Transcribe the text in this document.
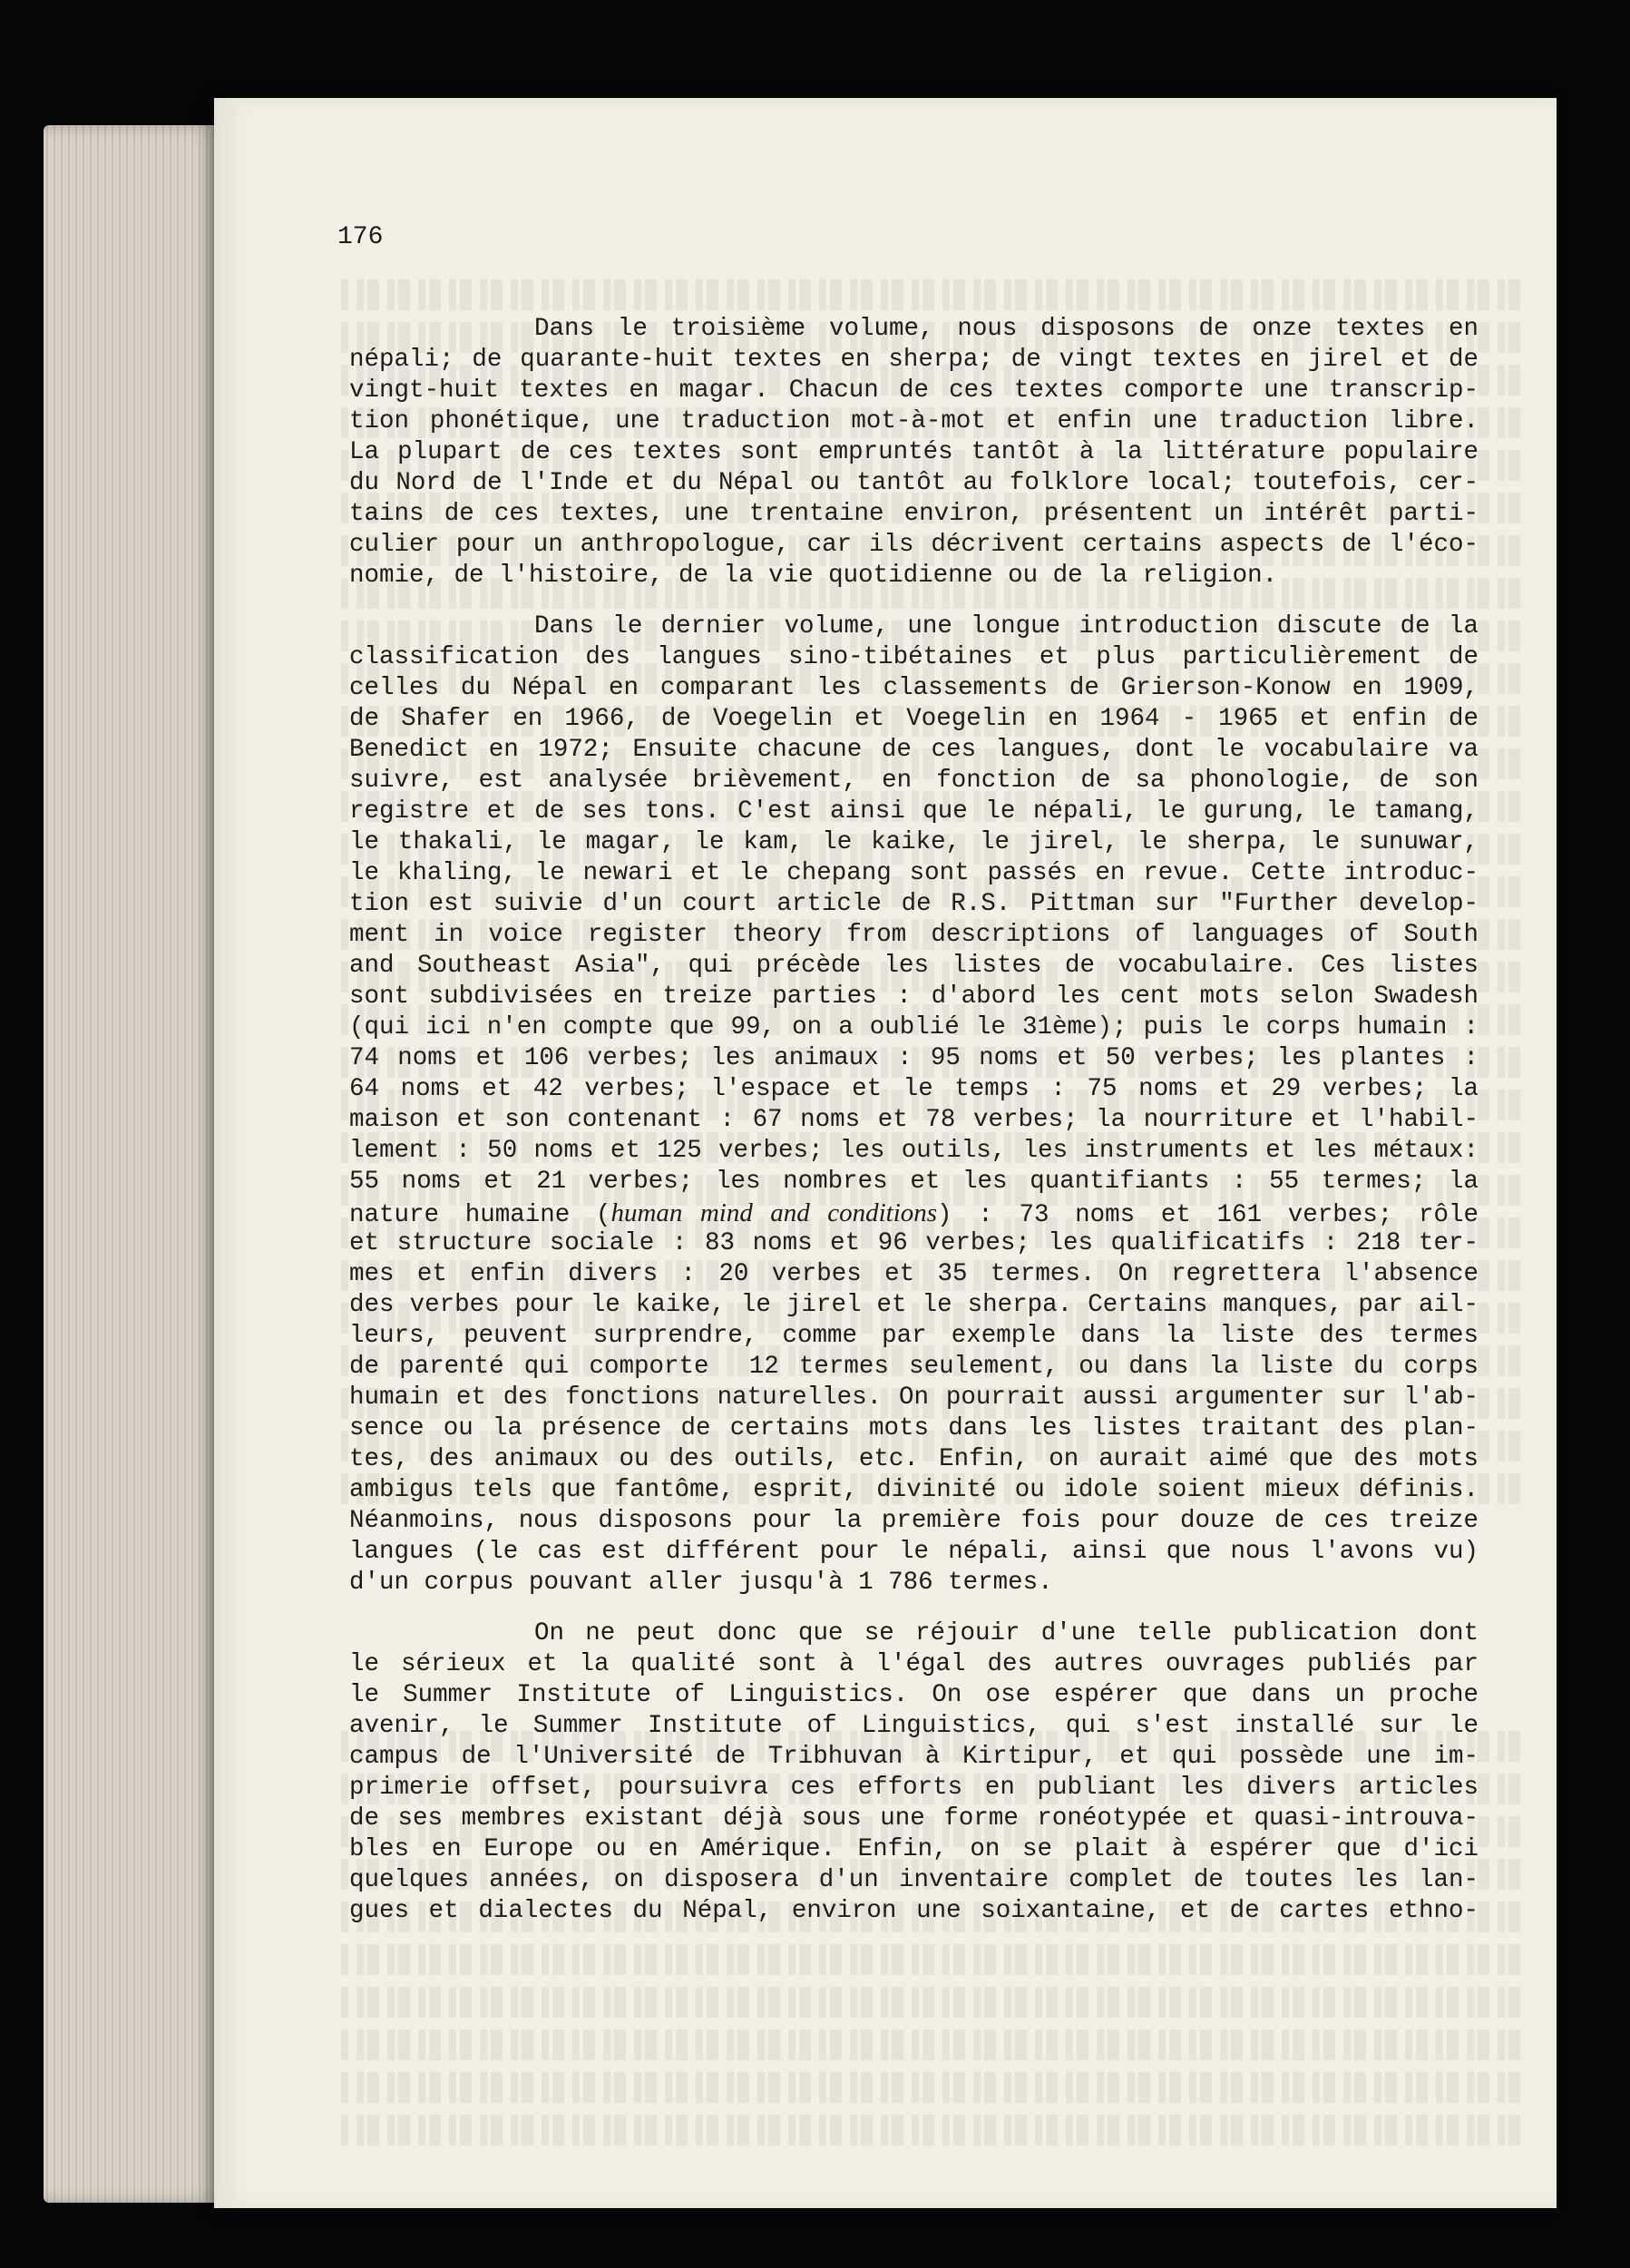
176
Dans le troisième volume, nous disposons de onze textes en
népali; de quarante-huit textes en sherpa; de vingt textes en jirel et de
vingt-huit textes en magar. Chacun de ces textes comporte une transcrip-
tion phonétique, une traduction mot-à-mot et enfin une traduction libre.
La plupart de ces textes sont empruntés tantôt à la littérature populaire
du Nord de l'Inde et du Népal ou tantôt au folklore local; toutefois, cer-
tains de ces textes, une trentaine environ, présentent un intérêt parti-
culier pour un anthropologue, car ils décrivent certains aspects de l'éco-
nomie, de l'histoire, de la vie quotidienne ou de la religion.
Dans le dernier volume, une longue introduction discute de la
classification des langues sino-tibétaines et plus particulièrement de
celles du Népal en comparant les classements de Grierson-Konow en 1909,
de Shafer en 1966, de Voegelin et Voegelin en 1964 - 1965 et enfin de
Benedict en 1972; Ensuite chacune de ces langues, dont le vocabulaire va
suivre, est analysée brièvement, en fonction de sa phonologie, de son
registre et de ses tons. C'est ainsi que le népali, le gurung, le tamang,
le thakali, le magar, le kam, le kaike, le jirel, le sherpa, le sunuwar,
le khaling, le newari et le chepang sont passés en revue. Cette introduc-
tion est suivie d'un court article de R.S. Pittman sur "Further develop-
ment in voice register theory from descriptions of languages of South
and Southeast Asia", qui précède les listes de vocabulaire. Ces listes
sont subdivisées en treize parties : d'abord les cent mots selon Swadesh
(qui ici n'en compte que 99, on a oublié le 31ème); puis le corps humain :
74 noms et 106 verbes; les animaux : 95 noms et 50 verbes; les plantes :
64 noms et 42 verbes; l'espace et le temps : 75 noms et 29 verbes; la
maison et son contenant : 67 noms et 78 verbes; la nourriture et l'habil-
lement : 50 noms et 125 verbes; les outils, les instruments et les métaux:
55 noms et 21 verbes; les nombres et les quantifiants : 55 termes; la
nature humaine (human mind and conditions) : 73 noms et 161 verbes; rôle
et structure sociale : 83 noms et 96 verbes; les qualificatifs : 218 ter-
mes et enfin divers : 20 verbes et 35 termes. On regrettera l'absence
des verbes pour le kaike, le jirel et le sherpa. Certains manques, par ail-
leurs, peuvent surprendre, comme par exemple dans la liste des termes
de parenté qui comporte  12 termes seulement, ou dans la liste du corps
humain et des fonctions naturelles. On pourrait aussi argumenter sur l'ab-
sence ou la présence de certains mots dans les listes traitant des plan-
tes, des animaux ou des outils, etc. Enfin, on aurait aimé que des mots
ambigus tels que fantôme, esprit, divinité ou idole soient mieux définis.
Néanmoins, nous disposons pour la première fois pour douze de ces treize
langues (le cas est différent pour le népali, ainsi que nous l'avons vu)
d'un corpus pouvant aller jusqu'à 1 786 termes.
On ne peut donc que se réjouir d'une telle publication dont
le sérieux et la qualité sont à l'égal des autres ouvrages publiés par
le Summer Institute of Linguistics. On ose espérer que dans un proche
avenir, le Summer Institute of Linguistics, qui s'est installé sur le
campus de l'Université de Tribhuvan à Kirtipur, et qui possède une im-
primerie offset, poursuivra ces efforts en publiant les divers articles
de ses membres existant déjà sous une forme ronéotypée et quasi-introuva-
bles en Europe ou en Amérique. Enfin, on se plait à espérer que d'ici
quelques années, on disposera d'un inventaire complet de toutes les lan-
gues et dialectes du Népal, environ une soixantaine, et de cartes ethno-
